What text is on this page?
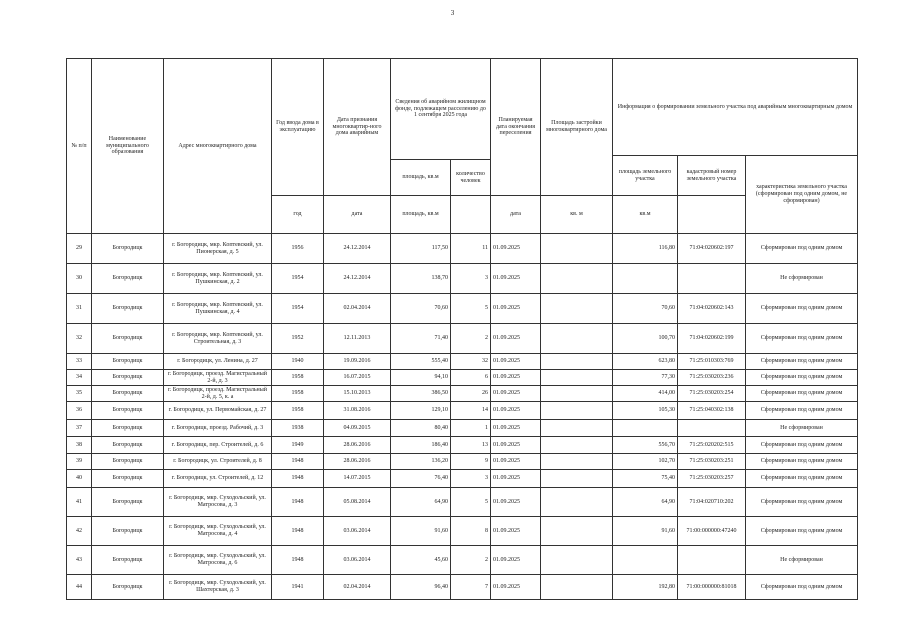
3
№ п/п	Наименование муниципального образования	Адрес многоквартирного дома	Год ввода дома в эксплуатацию	Дата признания многоквартир-ного дома аварийным	Сведения об аварийном жилищном фонде, подлежащем расселению до 1 сентября 2025 года		Планируемая дата окончания переселения	Площадь застройки многоквартирного дома	Информация о формировании земельного участка под аварийным многоквартирным домом		
									площадь земельного участка	кадастровый номер земельного участка	характеристика земельного участка (сформирован под одним домом, не сформирован)
					площадь, кв.м	количество человек					
			год	дата	площадь, кв.м		дата	кв. м	кв.м		
29	Богородицк	г. Богородицк, мкр. Коптевский, ул. Пионерская, д. 5	1956	24.12.2014	117,50	11	01.09.2025		116,80	71:04:020602:197	Сформирован под одним домом
30	Богородицк	г. Богородицк, мкр. Коптевский, ул. Пушкинская, д. 2	1954	24.12.2014	138,70	3	01.09.2025				Не сформирован
31	Богородицк	г. Богородицк, мкр. Коптевский, ул. Пушкинская, д. 4	1954	02.04.2014	70,60	5	01.09.2025		70,60	71:04:020602:143	Сформирован под одним домом
32	Богородицк	г. Богородицк, мкр. Коптевский, ул. Строительная, д. 3	1952	12.11.2013	71,40	2	01.09.2025		100,70	71:04:020602:199	Сформирован под одним домом
33	Богородицк	г. Богородицк, ул. Ленина, д. 27	1940	19.09.2016	555,40	32	01.09.2025		623,80	71:25:010303:769	Сформирован под одним домом
34	Богородицк	г. Богородицк, проезд. Магистральный 2-й, д. 3	1958	16.07.2015	94,10	6	01.09.2025		77,30	71:25:030203:236	Сформирован под одним домом
35	Богородицк	г. Богородицк, проезд. Магистральный 2-й, д. 5, к. а	1958	15.10.2013	386,50	26	01.09.2025		414,00	71:25:030203:254	Сформирован под одним домом
36	Богородицк	г. Богородицк, ул. Первомайская, д. 27	1958	31.08.2016	129,10	14	01.09.2025		105,30	71:25:040302:138	Сформирован под одним домом
37	Богородицк	г. Богородицк, проезд. Рабочий, д. 3	1938	04.09.2015	80,40	1	01.09.2025				Не сформирован
38	Богородицк	г. Богородицк, пер. Строителей, д. 6	1949	28.06.2016	186,40	13	01.09.2025		556,70	71:25:020202:515	Сформирован под одним домом
39	Богородицк	г. Богородицк, ул. Строителей, д. 8	1948	28.06.2016	136,20	9	01.09.2025		102,70	71:25:030203:251	Сформирован под одним домом
40	Богородицк	г. Богородицк, ул. Строителей, д. 12	1948	14.07.2015	76,40	3	01.09.2025		75,40	71:25:030203:257	Сформирован под одним домом
41	Богородицк	г. Богородицк, мкр. Суходольский, ул. Матросова, д. 3	1948	05.08.2014	64,90	5	01.09.2025		64,90	71:04:020710:202	Сформирован под одним домом
42	Богородицк	г. Богородицк, мкр. Суходольский, ул. Матросова, д. 4	1948	03.06.2014	91,60	8	01.09.2025		91,60	71:00:000000:47240	Сформирован под одним домом
43	Богородицк	г. Богородицк, мкр. Суходольский, ул. Матросова, д. 6	1948	03.06.2014	45,60	2	01.09.2025				Не сформирован
44	Богородицк	г. Богородицк, мкр. Суходольский, ул. Шахтерская, д. 3	1941	02.04.2014	96,40	7	01.09.2025		192,80	71:00:000000:81018	Сформирован под одним домом
